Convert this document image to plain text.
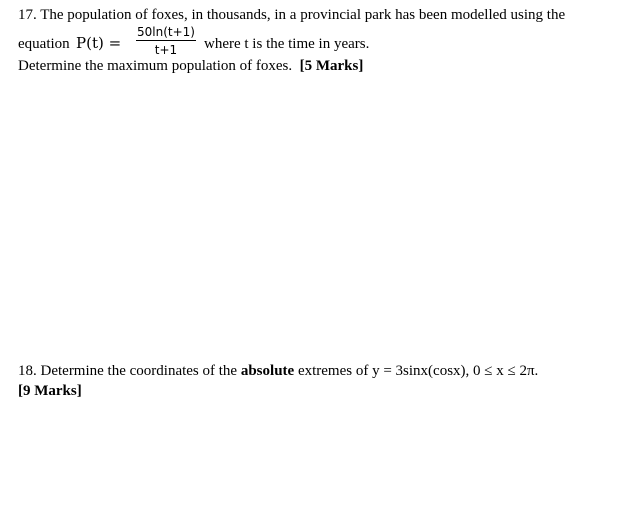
17. The population of foxes, in thousands, in a provincial park has been modelled using the
equation $P(t) = \frac{50\ln(t+1)}{t+1}$ where t is the time in years.
Determine the maximum population of foxes. [5 Marks]
18. Determine the coordinates of the absolute extremes of y = 3sinx(cosx), 0 ≤ x ≤ 2π.
[9 Marks]
